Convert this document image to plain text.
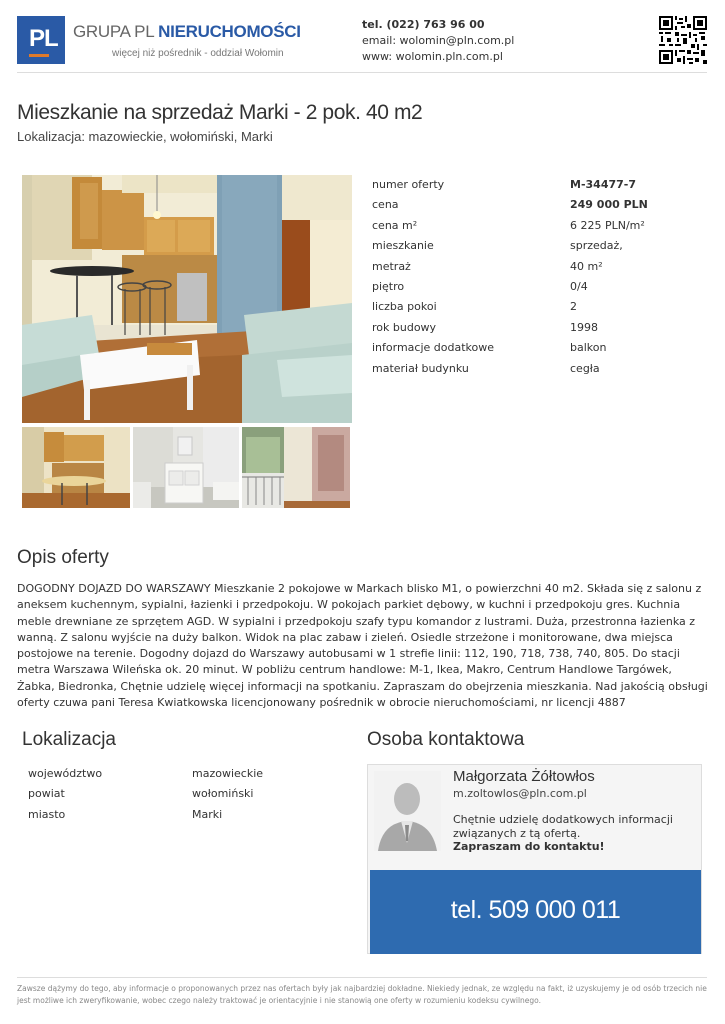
PL GRUPA PL NIERUCHOMOŚCI
więcej niż pośrednik - oddział Wołomin
tel. (022) 763 96 00
email: wolomin@pln.com.pl
www: wolomin.pln.com.pl
Mieszkanie na sprzedaż Marki - 2 pok. 40 m2
Lokalizacja: mazowieckie, wołomiński, Marki
numer oferty	M-34477-7
cena	249 000 PLN
cena m²	6 225 PLN/m²
mieszkanie	sprzedaż,
metraż	40 m²
piętro	0/4
liczba pokoi	2
rok budowy	1998
informacje dodatkowe	balkon
materiał budynku	cegła
Opis oferty

DOGODNY DOJAZD DO WARSZAWY Mieszkanie 2 pokojowe w Markach blisko M1, o powierzchni 40 m2. Składa się z salonu z aneksem kuchennym, sypialni, łazienki i przedpokoju. W pokojach parkiet dębowy, w kuchni i przedpokoju gres. Kuchnia meble drewniane ze sprzętem AGD. W sypialni i przedpokoju szafy typu komandor z lustrami. Duża, przestronna łazienka z wanną. Z salonu wyjście na duży balkon. Widok na plac zabaw i zieleń. Osiedle strzeżone i monitorowane, dwa miejsca postojowe na terenie. Dogodny dojazd do Warszawy autobusami w 1 strefie linii: 112, 190, 718, 738, 740, 805. Do stacji metra Warszawa Wileńska ok. 20 minut. W pobliżu centrum handlowe: M-1, Ikea, Makro, Centrum Handlowe Targówek, Żabka, Biedronka, Chętnie udzielę więcej informacji na spotkaniu. Zapraszam do obejrzenia mieszkania. Nad jakością obsługi oferty czuwa pani Teresa Kwiatkowska licencjonowany pośrednik w obrocie nieruchomościami, nr licencji 4887

Lokalizacja
województwo	mazowieckie
powiat	wołomiński
miasto	Marki
Osoba kontaktowa
Małgorzata Żółtowłos
m.zoltowlos@pln.com.pl
Chętnie udzielę dodatkowych informacji związanych z tą ofertą.
Zapraszam do kontaktu!
tel. 509 000 011

Zawsze dążymy do tego, aby informacje o proponowanych przez nas ofertach były jak najbardziej dokładne. Niekiedy jednak, ze względu na fakt, iż uzyskujemy je od osób trzecich nie jest możliwe ich zweryfikowanie, wobec czego należy traktować je orientacyjnie i nie stanowią one oferty w rozumieniu kodeksu cywilnego.
